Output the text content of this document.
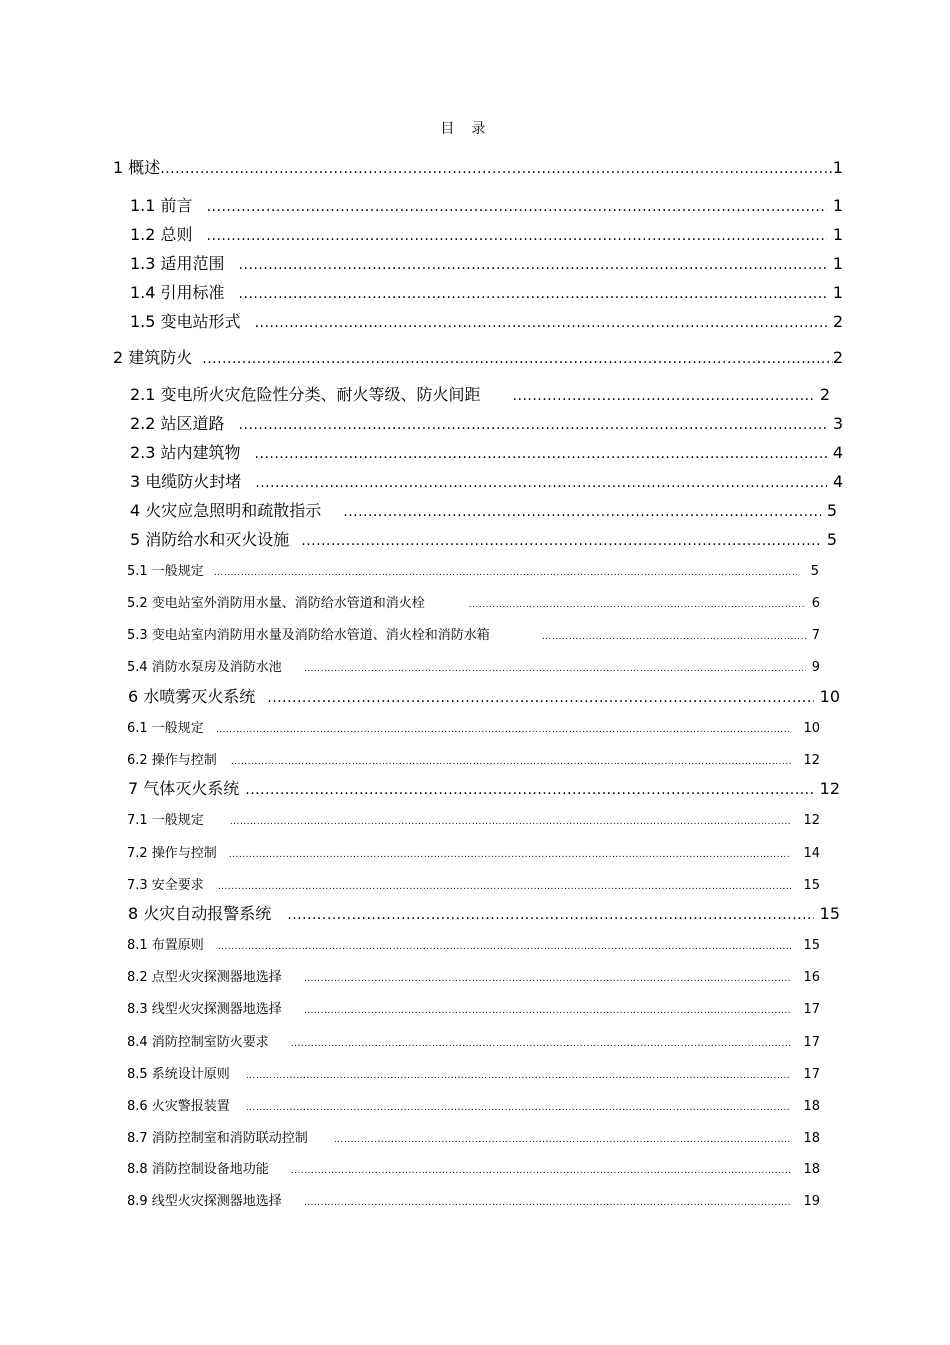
目 录
1 概述 .....	1
1.1 前言 .....	1
1.2 总则 .....	1
1.3 适用范围 .....	1
1.4 引用标准 .....	1
1.5 变电站形式 .....	2
2 建筑防火 .....	2
2.1 变电所火灾危险性分类、耐火等级、防火间距 .....	2
2.2 站区道路 .....	3
2.3 站内建筑物 .....	4
3 电缆防火封堵 .....	4
4 火灾应急照明和疏散指示 .....	5
5 消防给水和灭火设施 .....	5
5.1 一般规定 .....	5
5.2 变电站室外消防用水量、消防给水管道和消火栓 .....	6
5.3 变电站室内消防用水量及消防给水管道、消火栓和消防水箱 .....	7
5.4 消防水泵房及消防水池 .....	9
6 水喷雾灭火系统 .....	10
6.1 一般规定 .....	10
6.2 操作与控制 .....	12
7 气体灭火系统 .....	12
7.1 一般规定 .....	12
7.2 操作与控制 .....	14
7.3 安全要求 .....	15
8 火灾自动报警系统 .....	15
8.1 布置原则 .....	15
8.2 点型火灾探测器地选择 .....	16
8.3 线型火灾探测器地选择 .....	17
8.4 消防控制室防火要求 .....	17
8.5 系统设计原则 .....	17
8.6 火灾警报装置 .....	18
8.7 消防控制室和消防联动控制 .....	18
8.8 消防控制设备地功能 .....	18
8.9 线型火灾探测器地选择 .....	19
